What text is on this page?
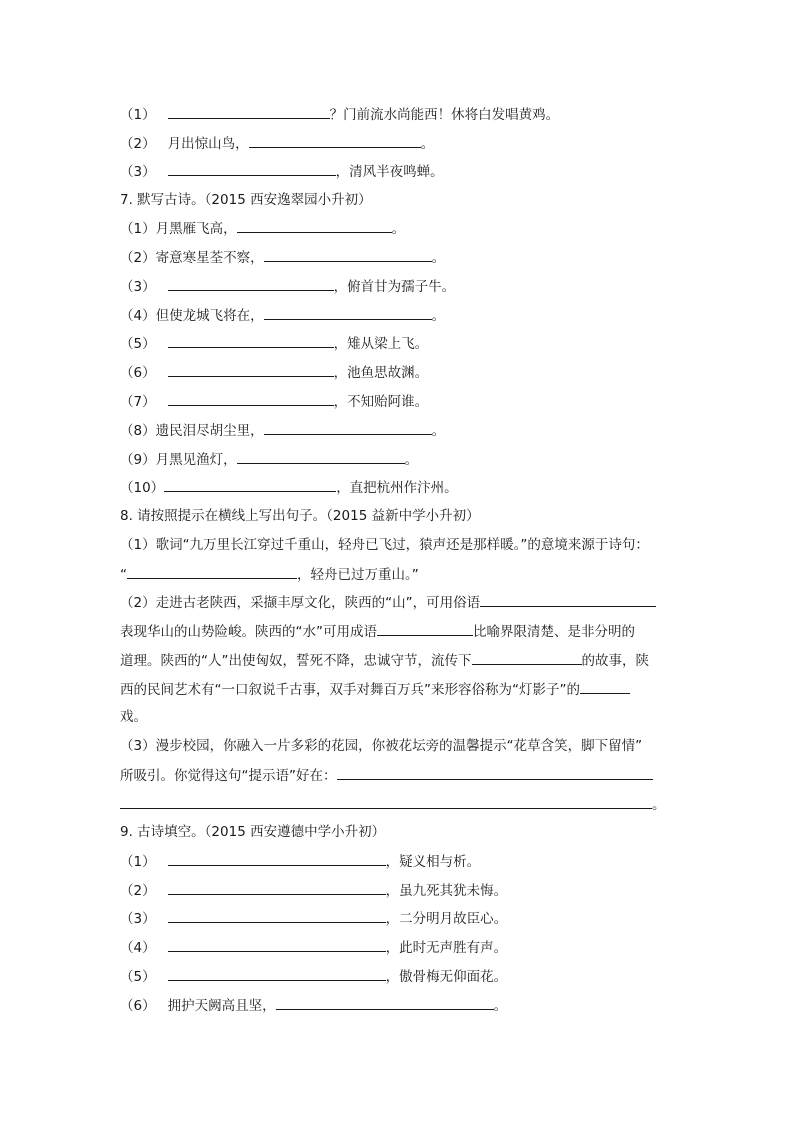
（1）	？门前流水尚能西！休将白发唱黄鸡。
（2） 月出惊山鸟，	。
（3）	，清风半夜鸣蝉。
7. 默写古诗。（2015 西安逸翠园小升初）
（1）月黑雁飞高，	。
（2）寄意寒星荃不察，	。
（3）	，俯首甘为孺子牛。
（4）但使龙城飞将在，	。
（5）	，雉从梁上飞。
（6）	，池鱼思故渊。
（7）	，不知贻阿谁。
（8）遗民泪尽胡尘里，	。
（9）月黑见渔灯，	。
（10）	，直把杭州作汴州。
8. 请按照提示在横线上写出句子。（2015 益新中学小升初）
（1）歌词“九万里长江穿过千重山，轻舟已飞过，猿声还是那样暖。”的意境来源于诗句：
“	，轻舟已过万重山。”
（2）走进古老陕西，采撷丰厚文化，陕西的“山”，可用俗语
表现华山的山势险峻。陕西的“水”可用成语	比喻界限清楚、是非分明的
道理。陕西的“人”出使匈奴，誓死不降，忠诚守节，流传下	的故事，陕
西的民间艺术有“一口叙说千古事，双手对舞百万兵”来形容俗称为“灯影子”的
戏。
（3）漫步校园，你融入一片多彩的花园，你被花坛旁的温馨提示“花草含笑，脚下留情”
所吸引。你觉得这句“提示语”好在：
。
9. 古诗填空。（2015 西安遵德中学小升初）
（1）	，疑义相与析。
（2）	，虽九死其犹未悔。
（3）	，二分明月故臣心。
（4）	，此时无声胜有声。
（5）	，傲骨梅无仰面花。
（6） 拥护天阙高且坚，	。
